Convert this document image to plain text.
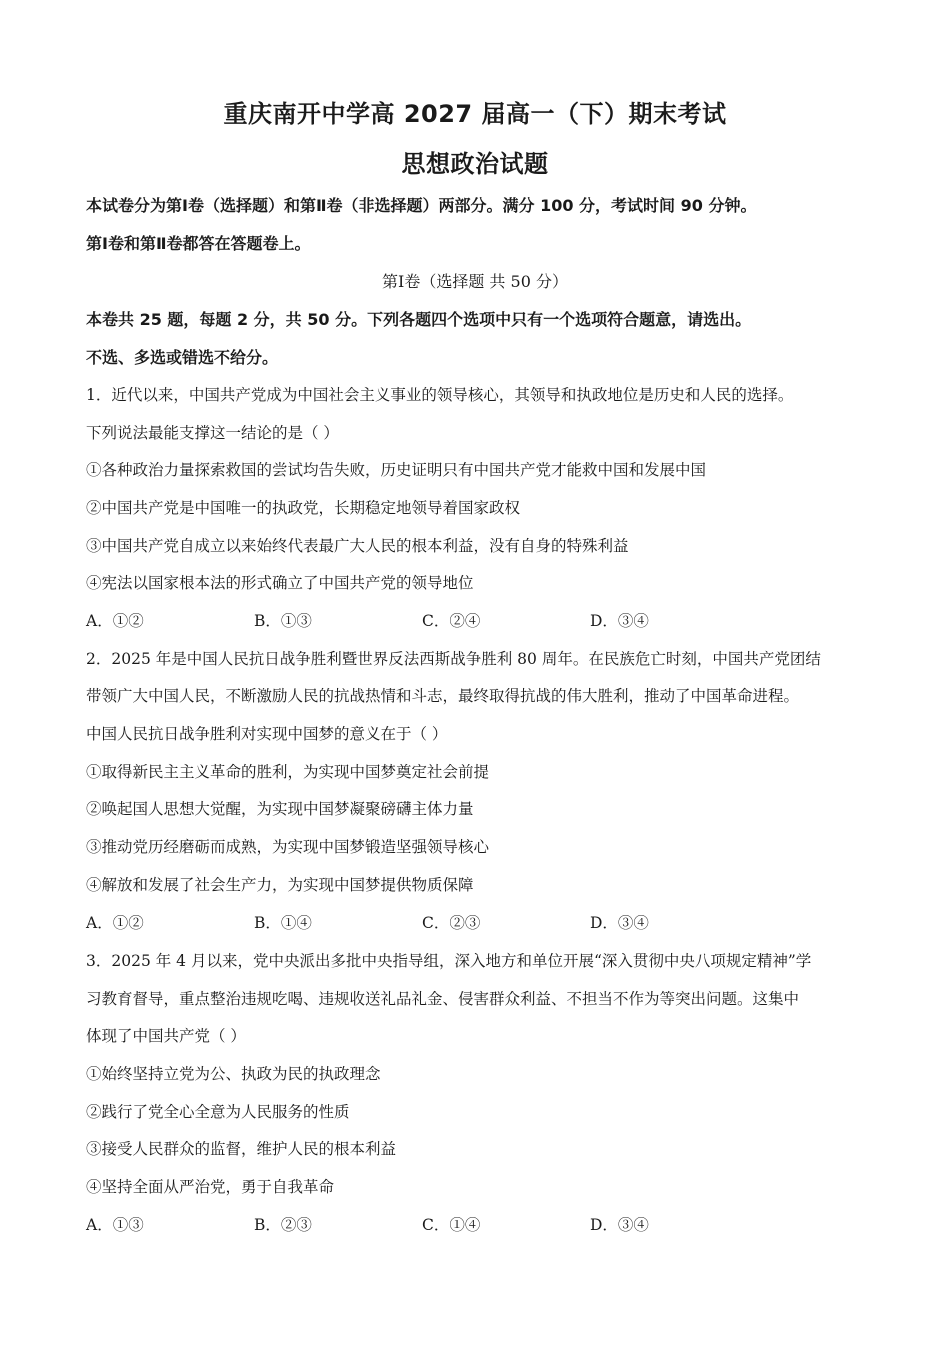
重庆南开中学高 2027 届高一（下）期末考试
思想政治试题
本试卷分为第Ⅰ卷（选择题）和第Ⅱ卷（非选择题）两部分。满分 100 分，考试时间 90 分钟。
第Ⅰ卷和第Ⅱ卷都答在答题卷上。
第Ⅰ卷（选择题 共 50 分）
本卷共 25 题，每题 2 分，共 50 分。下列各题四个选项中只有一个选项符合题意，请选出。
不选、多选或错选不给分。
1．近代以来，中国共产党成为中国社会主义事业的领导核心，其领导和执政地位是历史和人民的选择。
下列说法最能支撑这一结论的是（ ）
①各种政治力量探索救国的尝试均告失败，历史证明只有中国共产党才能救中国和发展中国
②中国共产党是中国唯一的执政党，长期稳定地领导着国家政权
③中国共产党自成立以来始终代表最广大人民的根本利益，没有自身的特殊利益
④宪法以国家根本法的形式确立了中国共产党的领导地位
A．①②	B．①③	C．②④	D．③④
2．2025 年是中国人民抗日战争胜利暨世界反法西斯战争胜利 80 周年。在民族危亡时刻，中国共产党团结
带领广大中国人民，不断激励人民的抗战热情和斗志，最终取得抗战的伟大胜利，推动了中国革命进程。
中国人民抗日战争胜利对实现中国梦的意义在于（ ）
①取得新民主主义革命的胜利，为实现中国梦奠定社会前提
②唤起国人思想大觉醒，为实现中国梦凝聚磅礴主体力量
③推动党历经磨砺而成熟，为实现中国梦锻造坚强领导核心
④解放和发展了社会生产力，为实现中国梦提供物质保障
A．①②	B．①④	C．②③	D．③④
3．2025 年 4 月以来，党中央派出多批中央指导组，深入地方和单位开展“深入贯彻中央八项规定精神”学
习教育督导，重点整治违规吃喝、违规收送礼品礼金、侵害群众利益、不担当不作为等突出问题。这集中
体现了中国共产党（ ）
①始终坚持立党为公、执政为民的执政理念
②践行了党全心全意为人民服务的性质
③接受人民群众的监督，维护人民的根本利益
④坚持全面从严治党，勇于自我革命
A．①③	B．②③	C．①④	D．③④
